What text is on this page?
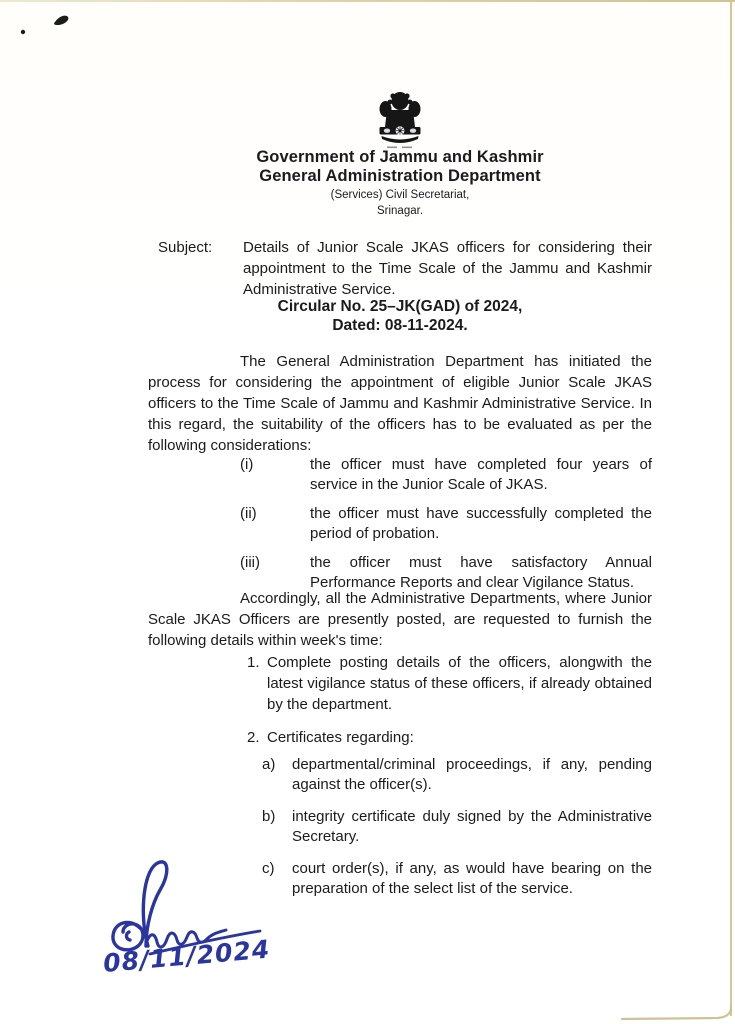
Government of Jammu and Kashmir
General Administration Department
(Services) Civil Secretariat,
Srinagar.
Subject:	Details of Junior Scale JKAS officers for considering their appointment to the Time Scale of the Jammu and Kashmir Administrative Service.
Circular No. 25–JK(GAD) of 2024,
Dated: 08-11-2024.
The General Administration Department has initiated the process for considering the appointment of eligible Junior Scale JKAS officers to the Time Scale of Jammu and Kashmir Administrative Service. In this regard, the suitability of the officers has to be evaluated as per the following considerations:
(i)	the officer must have completed four years of service in the Junior Scale of JKAS.
(ii)	the officer must have successfully completed the period of probation.
(iii)	the officer must have satisfactory Annual Performance Reports and clear Vigilance Status.
Accordingly, all the Administrative Departments, where Junior Scale JKAS Officers are presently posted, are requested to furnish the following details within week's time:
1. Complete posting details of the officers, alongwith the latest vigilance status of these officers, if already obtained by the department.
2. Certificates regarding:
a)	departmental/criminal proceedings, if any, pending against the officer(s).
b)	integrity certificate duly signed by the Administrative Secretary.
c)	court order(s), if any, as would have bearing on the preparation of the select list of the service.
08/11/2024
